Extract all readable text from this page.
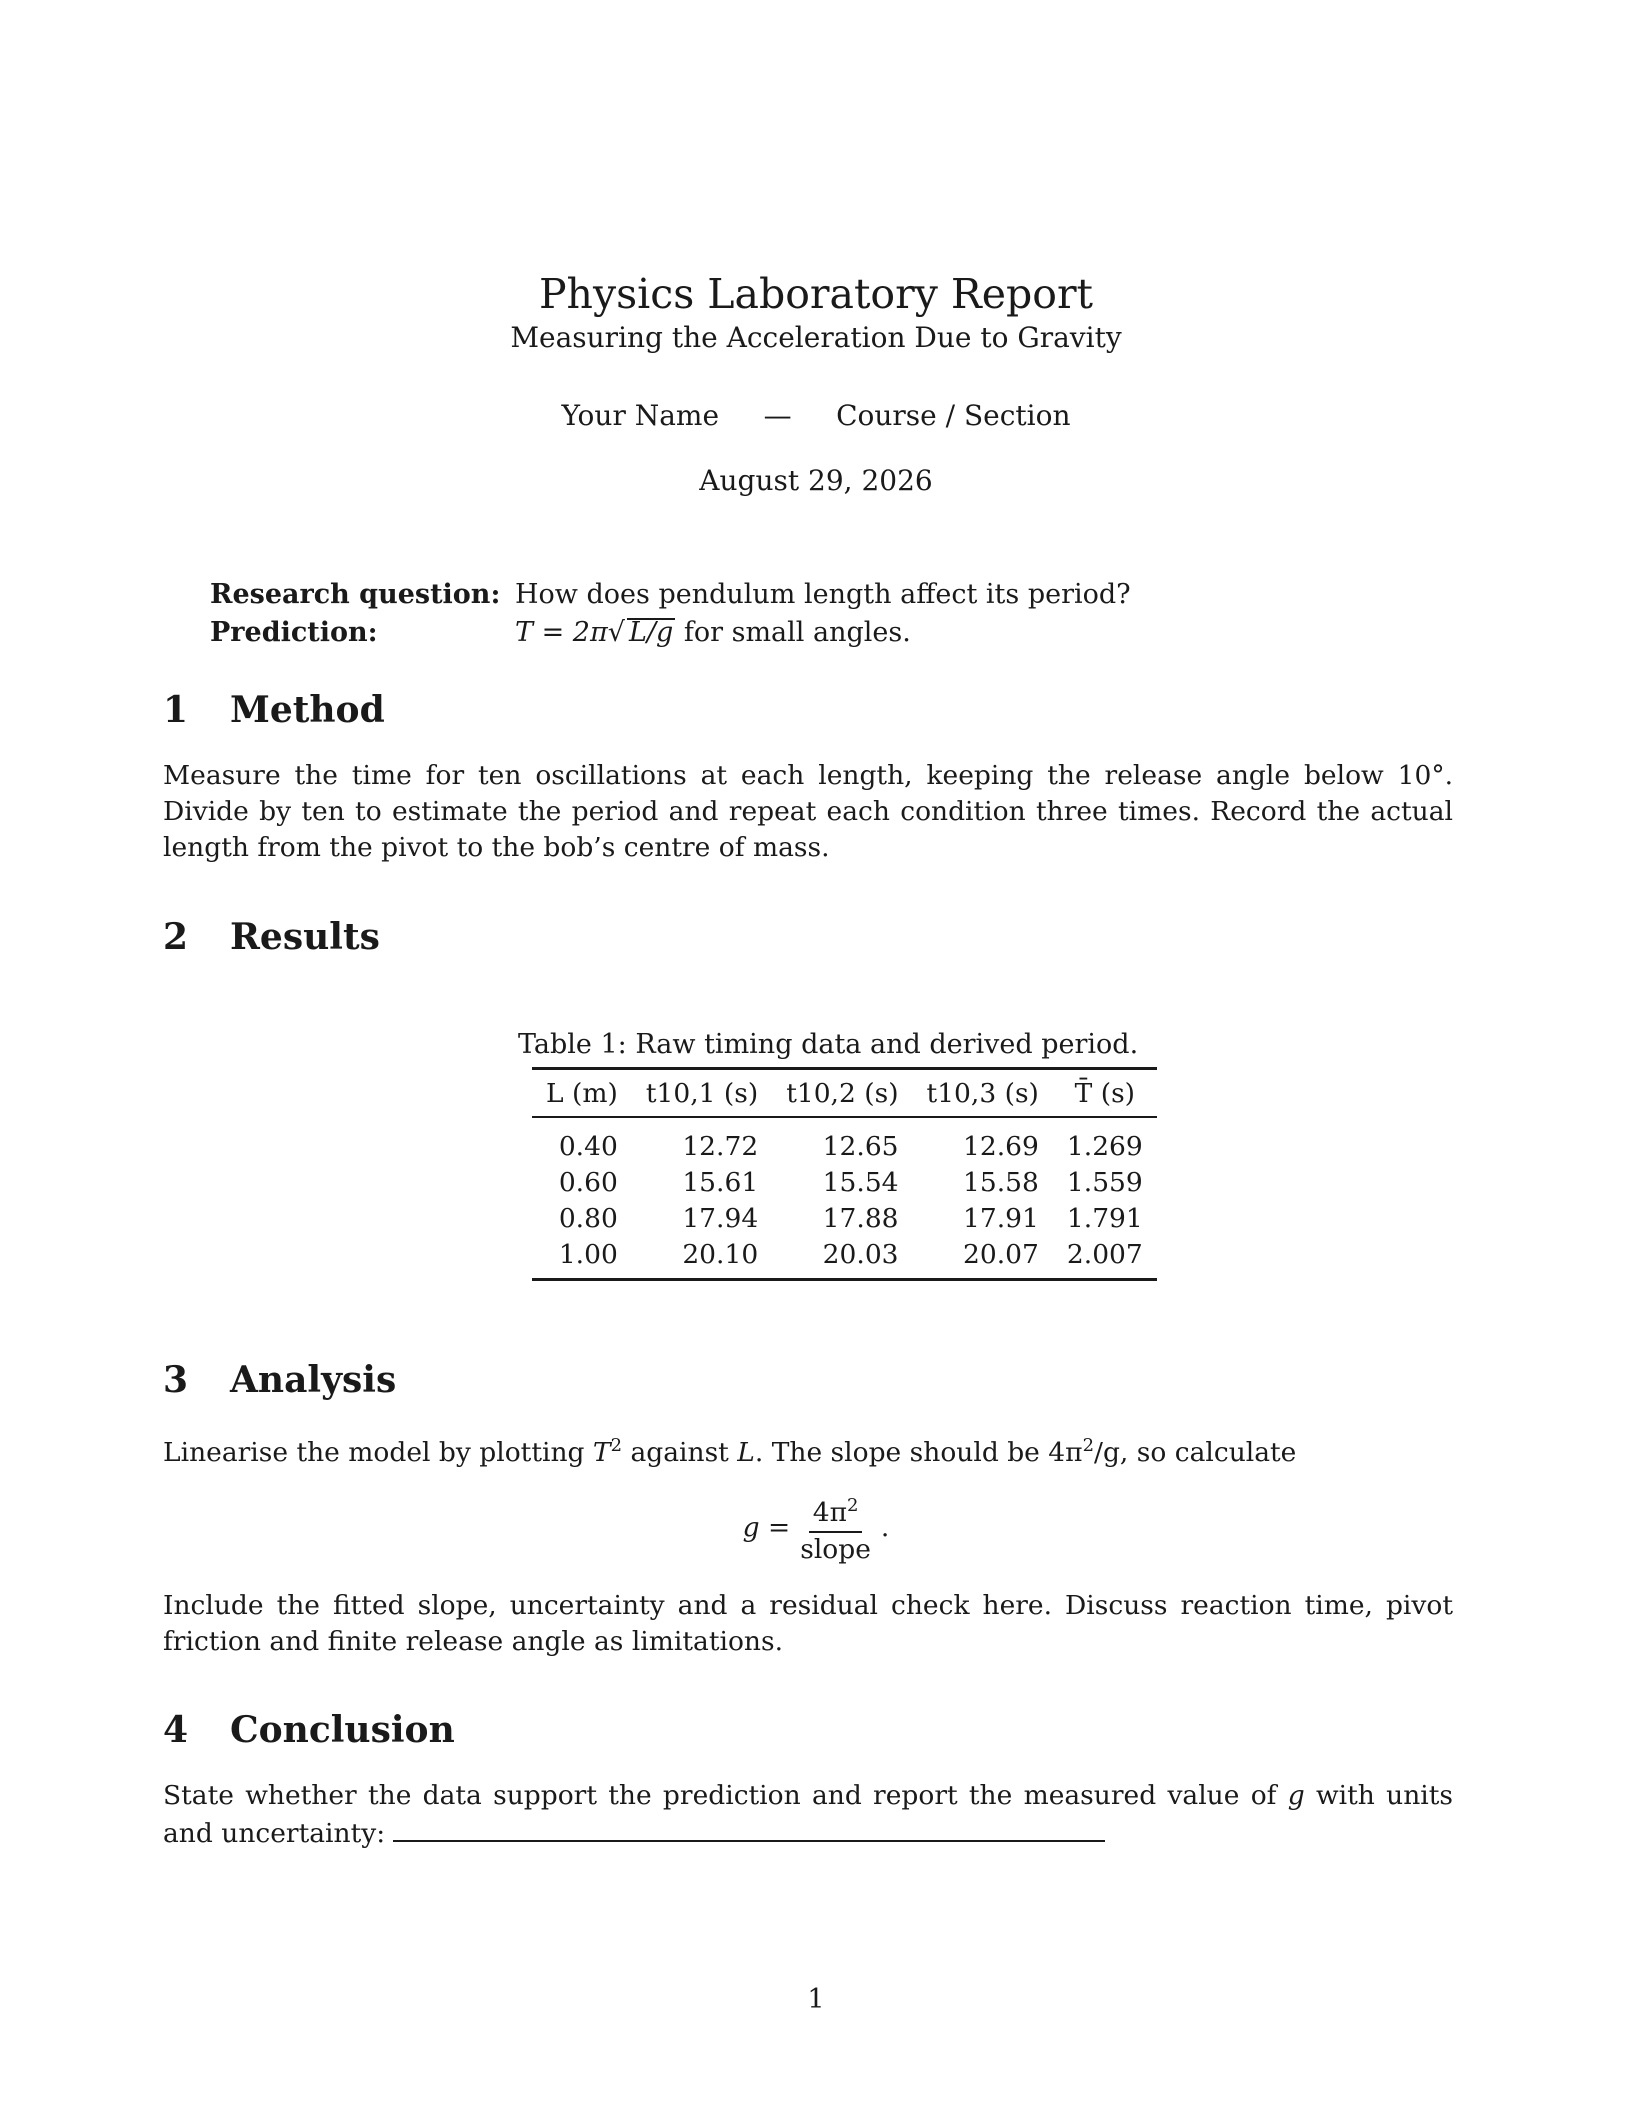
Physics Laboratory Report
Measuring the Acceleration Due to Gravity
Your Name — Course / Section
August 29, 2026
Research question: How does pendulum length affect its period?
Prediction:	T = 2π√ L/g for small angles.
1 Method
Measure the time for ten oscillations at each length, keeping the release angle below 10°. Divide by ten to estimate the period and repeat each condition three times. Record the actual length from the pivot to the bob’s centre of mass.
2 Results
Table 1: Raw timing data and derived period.
L (m)	t10,1 (s)	t10,2 (s)	t10,3 (s)	T̄ (s)
0.40	12.72	12.65	12.69	1.269
0.60	15.61	15.54	15.58	1.559
0.80	17.94	17.88	17.91	1.791
1.00	20.10	20.03	20.07	2.007
3 Analysis
Linearise the model by plotting $T^2$ against L. The slope should be $4\pi^2/g$, so calculate
$g = \frac{4\pi^2}{\text{slope}}$ .
Include the fitted slope, uncertainty and a residual check here. Discuss reaction time, pivot friction and finite release angle as limitations.
4 Conclusion
State whether the data support the prediction and report the measured value of g with units and uncertainty:
1
